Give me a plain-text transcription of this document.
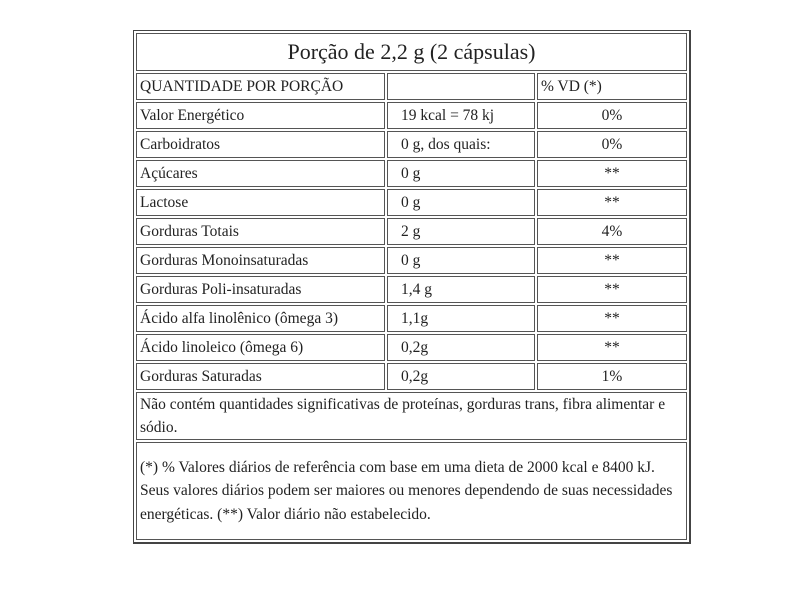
Porção de 2,2 g (2 cápsulas)		
QUANTIDADE POR PORÇÃO		% VD (*)
Valor Energético	19 kcal = 78 kj	0%
Carboidratos	0 g, dos quais:	0%
Açúcares	0 g	**
Lactose	0 g	**
Gorduras Totais	2 g	4%
Gorduras Monoinsaturadas	0 g	**
Gorduras Poli-insaturadas	1,4 g	**
Ácido alfa linolênico (ômega 3)	1,1g	**
Ácido linoleico (ômega 6)	0,2g	**
Gorduras Saturadas	0,2g	1%
Não contém quantidades significativas de proteínas, gorduras trans, fibra alimentar e sódio.		
(*) % Valores diários de referência com base em uma dieta de 2000 kcal e 8400 kJ. Seus valores diários podem ser maiores ou menores dependendo de suas necessidades energéticas. (**) Valor diário não estabelecido.		
